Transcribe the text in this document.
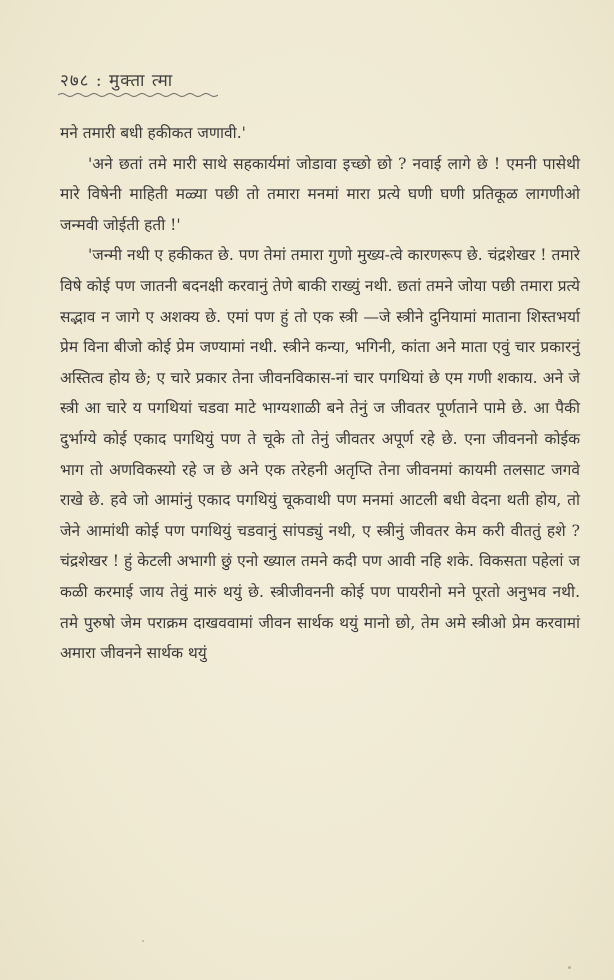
२७८ : मुक्ता त्मा

मने तमारी बधी हकीकत जणावी.'

'अने छतां तमे मारी साथे सहकार्यमां जोडावा इच्छो छो ? नवाई लागे छे ! एमनी पासेथी मारे विषेनी माहिती मळ्या पछी तो तमारा मनमां मारा प्रत्ये घणी घणी प्रतिकूळ लागणीओ जन्मवी जोईती हती !'

'जन्मी नथी ए हकीकत छे. पण तेमां तमारा गुणो मुख्य-त्वे कारणरूप छे. चंद्रशेखर ! तमारे विषे कोई पण जातनी बदनक्षी करवानुं तेणे बाकी राख्युं नथी. छतां तमने जोया पछी तमारा प्रत्ये सद्भाव न जागे ए अशक्य छे. एमां पण हुं तो एक स्त्री —जे स्त्रीने दुनियामां माताना शिस्तभर्या प्रेम विना बीजो कोई प्रेम जण्यामां नथी. स्त्रीने कन्या, भगिनी, कांता अने माता एवुं चार प्रकारनुं अस्तित्व होय छे; ए चारे प्रकार तेना जीवनविकास-नां चार पगथियां छे एम गणी शकाय. अने जे स्त्री आ चारे य पगथियां चडवा माटे भाग्यशाळी बने तेनुं ज जीवतर पूर्णताने पामे छे. आ पैकी दुर्भाग्ये कोई एकाद पगथियुं पण ते चूके तो तेनुं जीवतर अपूर्ण रहे छे. एना जीवननो कोईक भाग तो अणविकस्यो रहे ज छे अने एक तरेहनी अतृप्ति तेना जीवनमां कायमी तलसाट जगवे राखे छे. हवे जो आमांनुं एकाद पगथियुं चूकवाथी पण मनमां आटली बधी वेदना थती होय, तो जेने आमांथी कोई पण पगथियुं चडवानुं सांपड्युं नथी, ए स्त्रीनुं जीवतर केम करी वीततुं हशे ? चंद्रशेखर ! हुं केटली अभागी छुं एनो ख्याल तमने कदी पण आवी नहि शके. विकसता पहेलां ज कळी करमाई जाय तेवुं मारुं थयुं छे. स्त्रीजीवननी कोई पण पायरीनो मने पूरतो अनुभव नथी. तमे पुरुषो जेम पराक्रम दाखववामां जीवन सार्थक थयुं मानो छो, तेम अमे स्त्रीओ प्रेम करवामां अमारा जीवनने सार्थक थयुं
